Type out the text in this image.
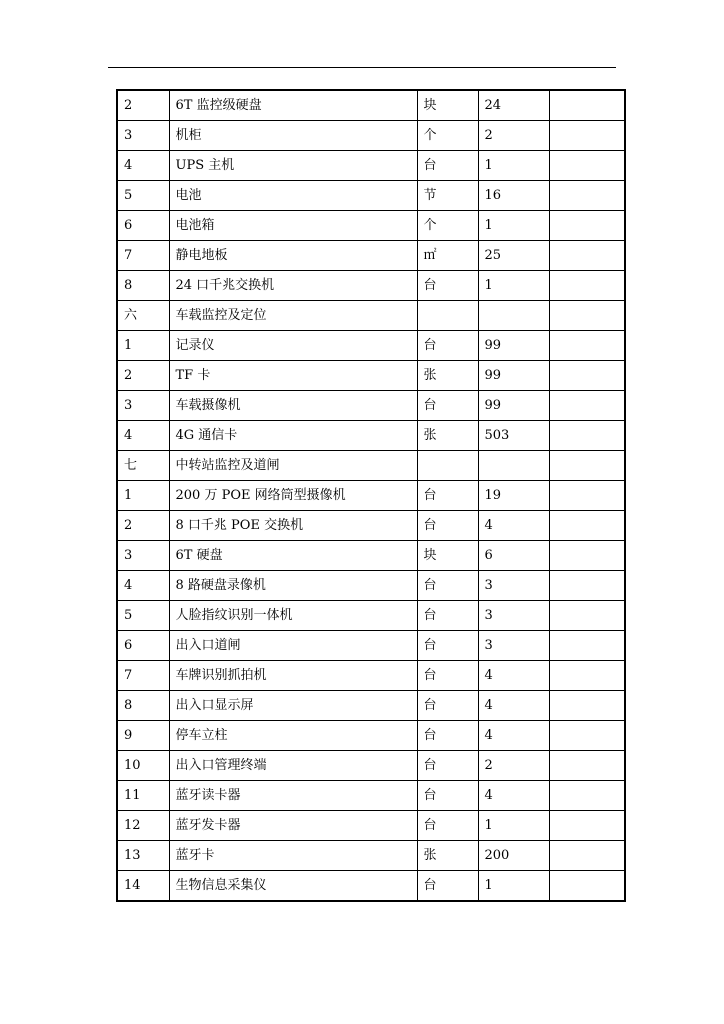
2	6T 监控级硬盘	块	24	
3	机柜	个	2	
4	UPS 主机	台	1	
5	电池	节	16	
6	电池箱	个	1	
7	静电地板	㎡	25	
8	24 口千兆交换机	台	1	
六	车载监控及定位			
1	记录仪	台	99	
2	TF 卡	张	99	
3	车载摄像机	台	99	
4	4G 通信卡	张	503	
七	中转站监控及道闸			
1	200 万 POE 网络筒型摄像机	台	19	
2	8 口千兆 POE 交换机	台	4	
3	6T 硬盘	块	6	
4	8 路硬盘录像机	台	3	
5	人脸指纹识别一体机	台	3	
6	出入口道闸	台	3	
7	车牌识别抓拍机	台	4	
8	出入口显示屏	台	4	
9	停车立柱	台	4	
10	出入口管理终端	台	2	
11	蓝牙读卡器	台	4	
12	蓝牙发卡器	台	1	
13	蓝牙卡	张	200	
14	生物信息采集仪	台	1	
